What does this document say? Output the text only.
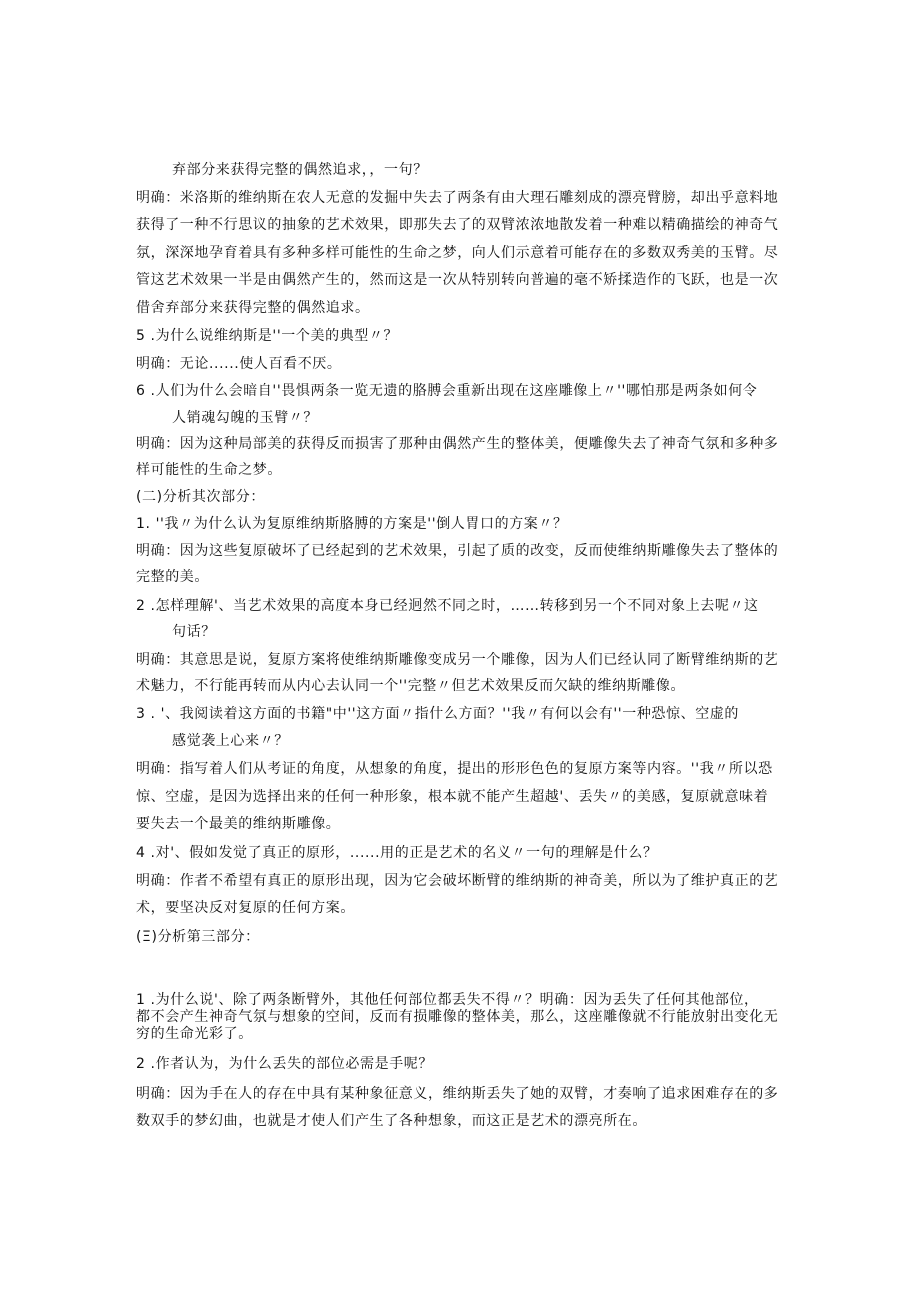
弃部分来获得完整的偶然追求，，一句？
明确：米洛斯的维纳斯在农人无意的发掘中失去了两条有由大理石雕刻成的漂亮臂膀，却出乎意料地
获得了一种不行思议的抽象的艺术效果，即那失去了的双臂浓浓地散发着一种难以精确描绘的神奇气
氛，深深地孕育着具有多种多样可能性的生命之梦，向人们示意着可能存在的多数双秀美的玉臂。尽
管这艺术效果一半是由偶然产生的，然而这是一次从特别转向普遍的毫不矫揉造作的飞跃，也是一次
借舍弃部分来获得完整的偶然追求。
5 .为什么说维纳斯是''一个美的典型〃？
明确：无论......使人百看不厌。
6 .人们为什么会暗自''畏惧两条一览无遗的胳膊会重新出现在这座雕像上〃''哪怕那是两条如何令
人销魂勾魄的玉臂〃？
明确：因为这种局部美的获得反而损害了那种由偶然产生的整体美，便雕像失去了神奇气氛和多种多
样可能性的生命之梦。
(二)分析其次部分：
1. ''我〃为什么认为复原维纳斯胳膊的方案是''倒人胃口的方案〃？
明确：因为这些复原破坏了已经起到的艺术效果，引起了质的改变，反而使维纳斯雕像失去了整体的
完整的美。
2 .怎样理解'、当艺术效果的高度本身已经迥然不同之时，……转移到另一个不同对象上去呢〃这
句话？
明确：其意思是说，复原方案将使维纳斯雕像变成另一个雕像，因为人们已经认同了断臂维纳斯的艺
术魅力，不行能再转而从内心去认同一个''完整〃但艺术效果反而欠缺的维纳斯雕像。
3 . '、我阅读着这方面的书籍"中''这方面〃指什么方面？''我〃有何以会有''一种恐惊、空虚的
感觉袭上心来〃？
明确：指写着人们从考证的角度，从想象的角度，提出的形形色色的复原方案等内容。''我〃所以恐
惊、空虚，是因为选择出来的任何一种形象，根本就不能产生超越'、丢失〃的美感，复原就意味着
要失去一个最美的维纳斯雕像。
4 .对'、假如发觉了真正的原形，......用的正是艺术的名义〃一句的理解是什么？
明确：作者不希望有真正的原形出现，因为它会破坏断臂的维纳斯的神奇美，所以为了维护真正的艺
术，要坚决反对复原的任何方案。
(Ξ)分析第三部分：
1 .为什么说'、除了两条断臂外，其他任何部位都丢失不得〃？明确：因为丢失了任何其他部位，
都不会产生神奇气氛与想象的空间，反而有损雕像的整体美，那么，这座雕像就不行能放射出变化无
穷的生命光彩了。
2 .作者认为，为什么丢失的部位必需是手呢？
明确：因为手在人的存在中具有某种象征意义，维纳斯丢失了她的双臂，才奏响了追求困难存在的多
数双手的梦幻曲，也就是才使人们产生了各种想象，而这正是艺术的漂亮所在。
